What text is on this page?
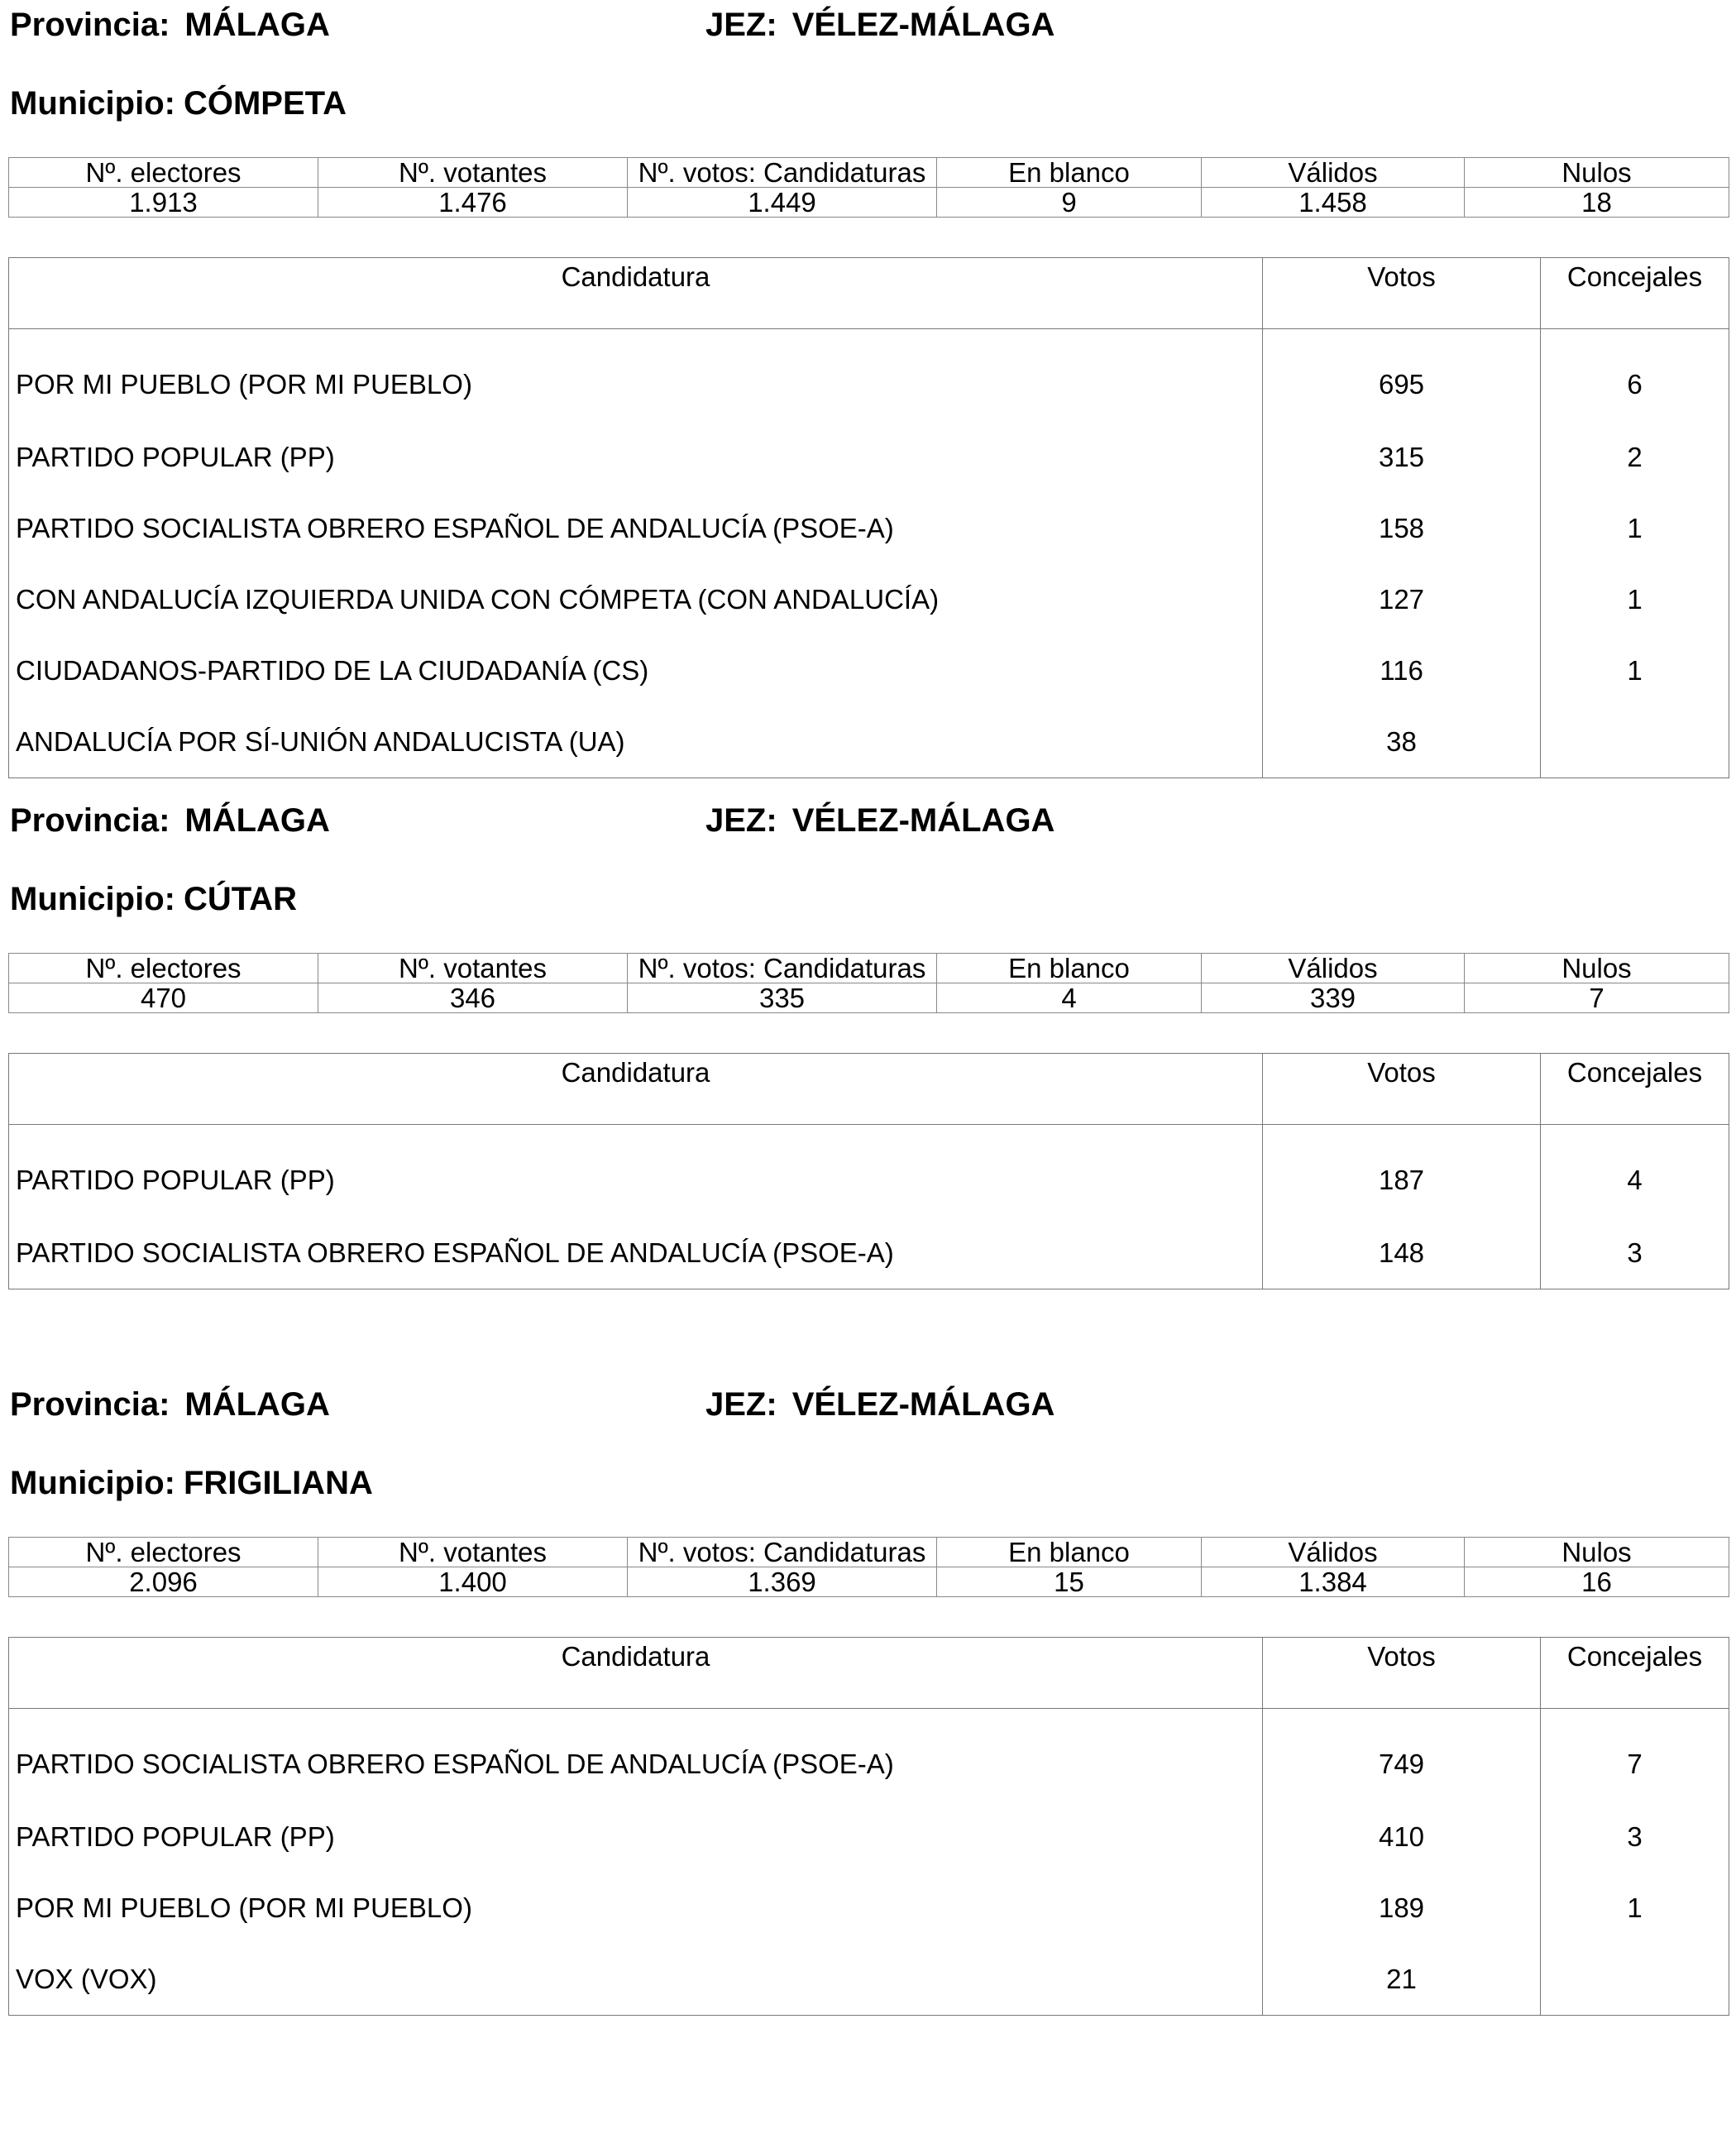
Provincia: MÁLAGA	JEZ: VÉLEZ-MÁLAGA
Municipio: CÓMPETA
Nº. electores	Nº. votantes	Nº. votos: Candidaturas	En blanco	Válidos	Nulos
1.913	1.476	1.449	9	1.458	18
Candidatura	Votos	Concejales
POR MI PUEBLO (POR MI PUEBLO)	695	6
PARTIDO POPULAR (PP)	315	2
PARTIDO SOCIALISTA OBRERO ESPAÑOL DE ANDALUCÍA (PSOE-A)	158	1
CON ANDALUCÍA IZQUIERDA UNIDA CON CÓMPETA (CON ANDALUCÍA)	127	1
CIUDADANOS-PARTIDO DE LA CIUDADANÍA (CS)	116	1
ANDALUCÍA POR SÍ-UNIÓN ANDALUCISTA (UA)	38	
Provincia: MÁLAGA	JEZ: VÉLEZ-MÁLAGA
Municipio: CÚTAR
Nº. electores	Nº. votantes	Nº. votos: Candidaturas	En blanco	Válidos	Nulos
470	346	335	4	339	7
Candidatura	Votos	Concejales
PARTIDO POPULAR (PP)	187	4
PARTIDO SOCIALISTA OBRERO ESPAÑOL DE ANDALUCÍA (PSOE-A)	148	3
Provincia: MÁLAGA	JEZ: VÉLEZ-MÁLAGA
Municipio: FRIGILIANA
Nº. electores	Nº. votantes	Nº. votos: Candidaturas	En blanco	Válidos	Nulos
2.096	1.400	1.369	15	1.384	16
Candidatura	Votos	Concejales
PARTIDO SOCIALISTA OBRERO ESPAÑOL DE ANDALUCÍA (PSOE-A)	749	7
PARTIDO POPULAR (PP)	410	3
POR MI PUEBLO (POR MI PUEBLO)	189	1
VOX (VOX)	21	
